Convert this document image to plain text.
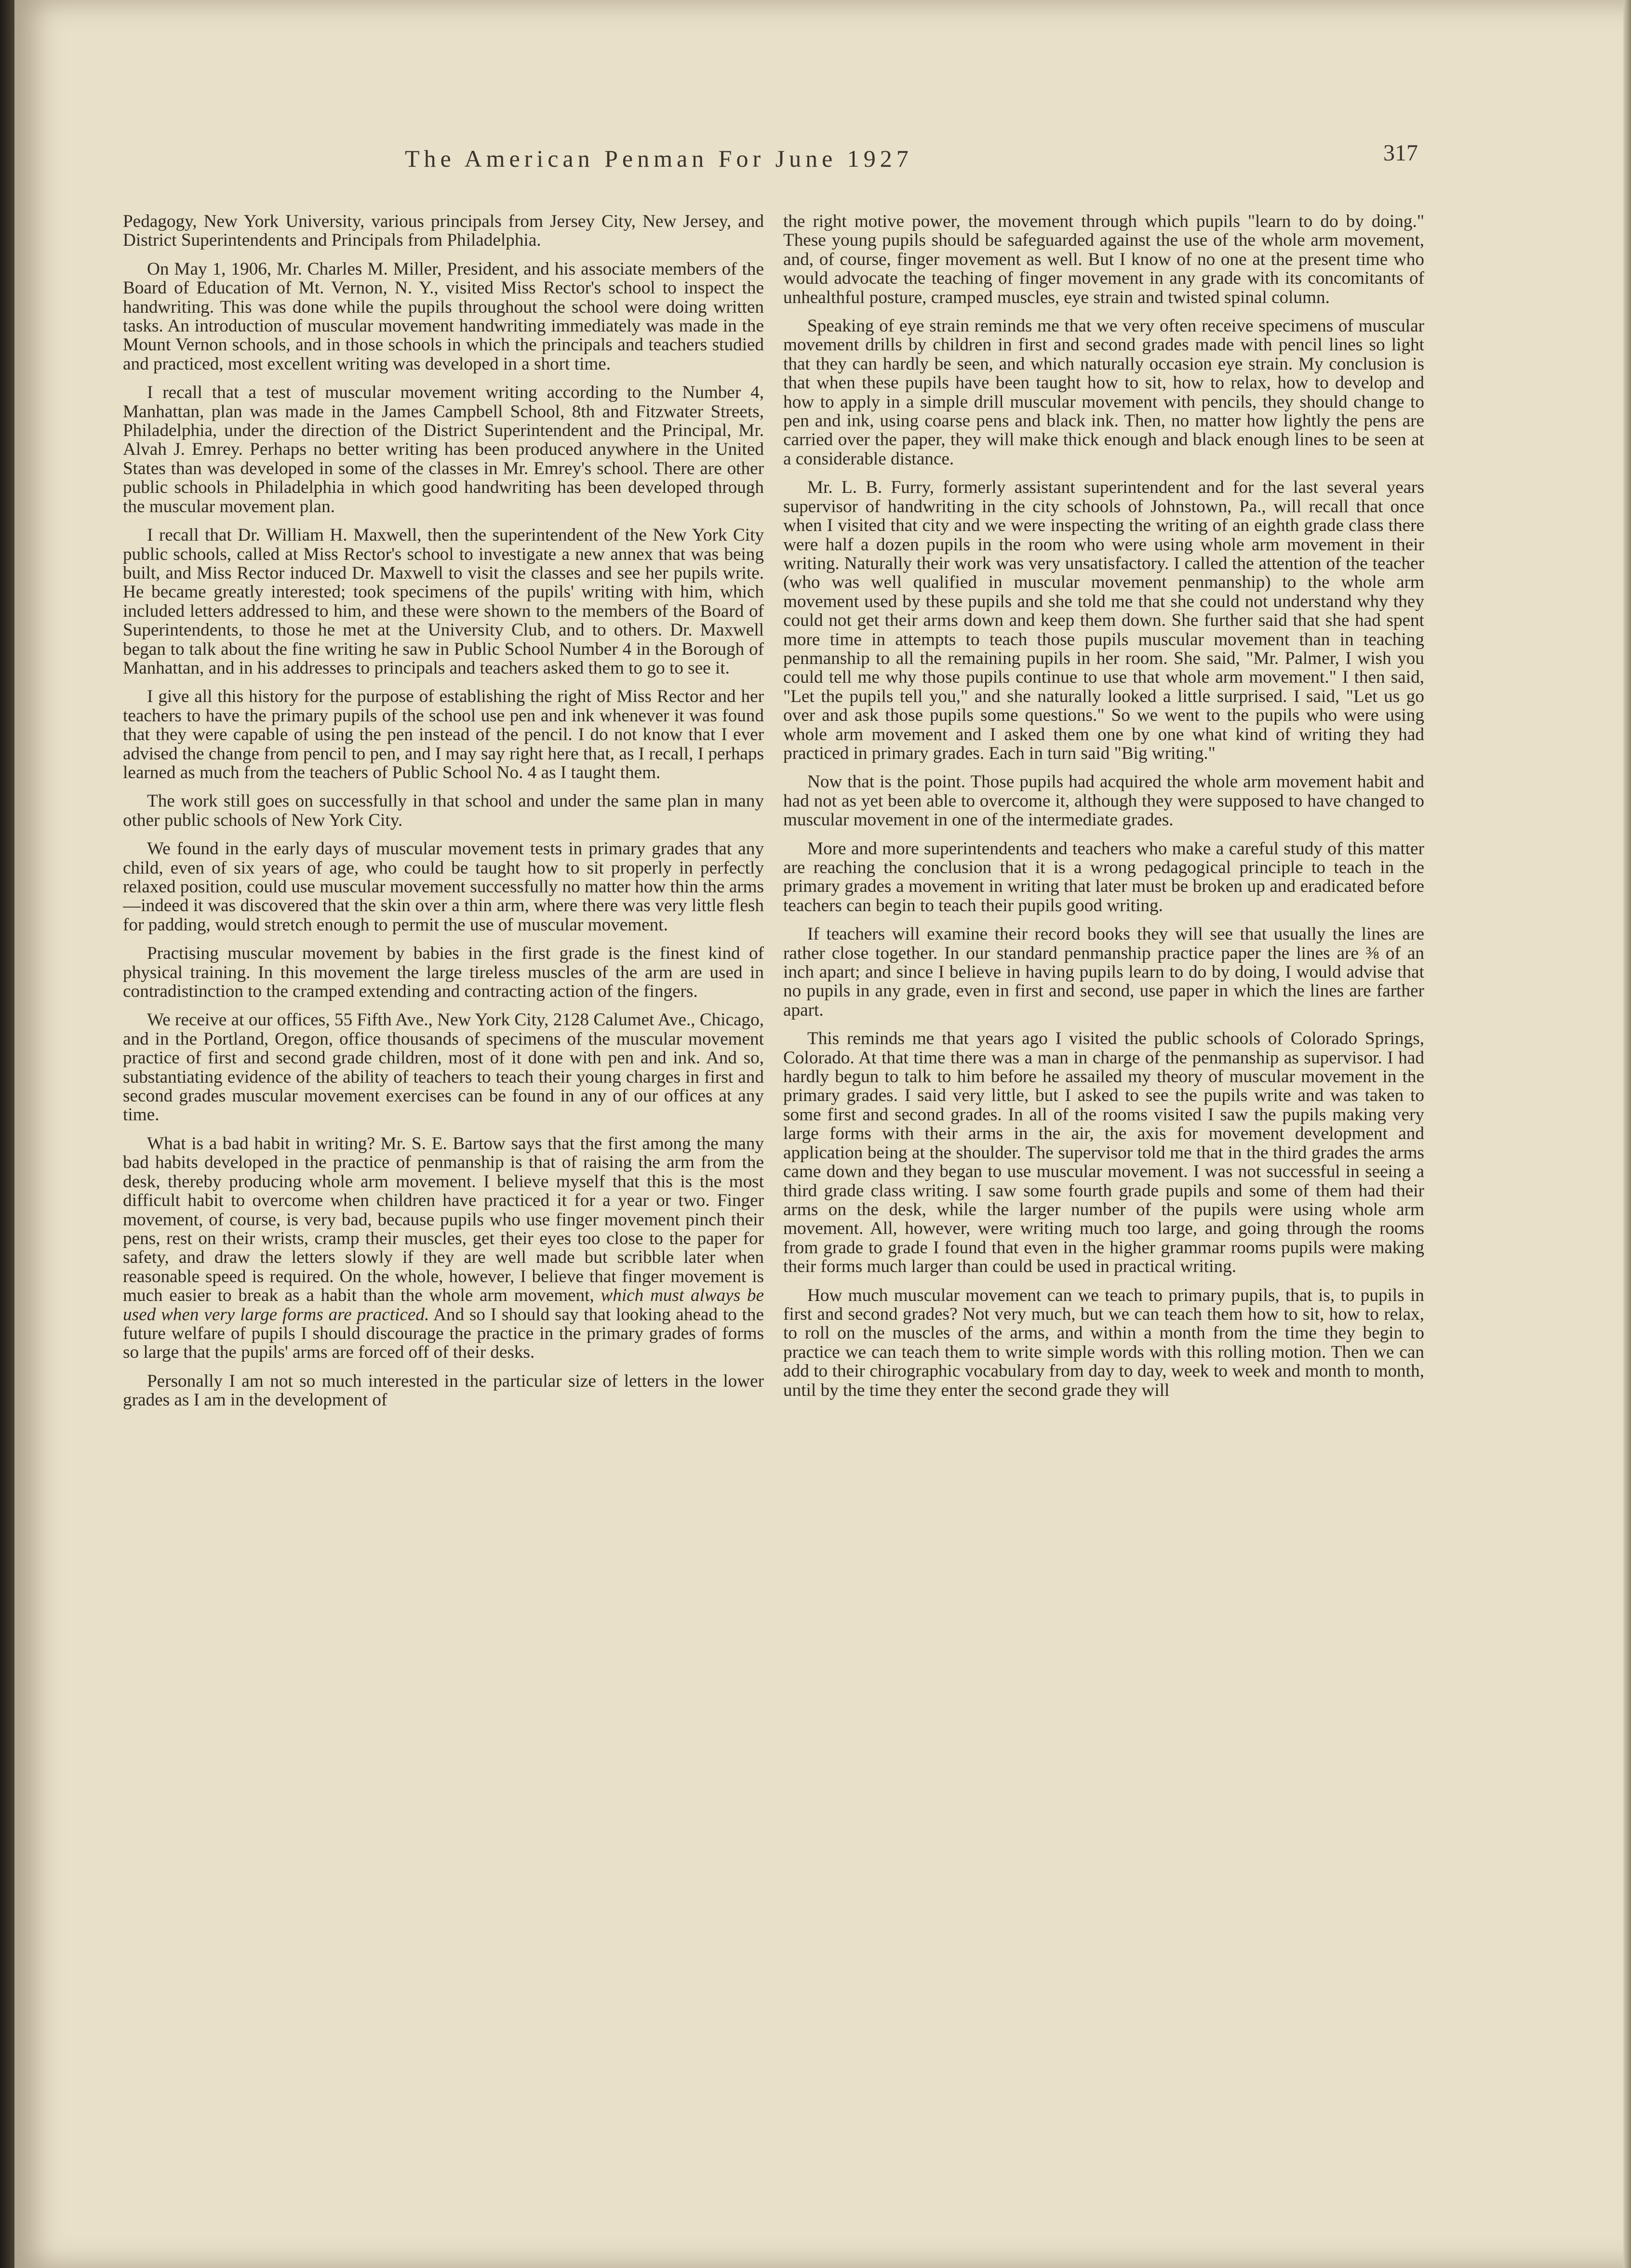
The American Penman For June 1927	317

Pedagogy, New York University, various principals from Jersey City, New Jersey, and District Superintendents and Principals from Philadelphia.

On May 1, 1906, Mr. Charles M. Miller, President, and his associate members of the Board of Education of Mt. Vernon, N. Y., visited Miss Rector's school to inspect the handwriting. This was done while the pupils throughout the school were doing written tasks. An introduction of muscular movement handwriting immediately was made in the Mount Vernon schools, and in those schools in which the principals and teachers studied and practiced, most excellent writing was developed in a short time.

I recall that a test of muscular movement writing according to the Number 4, Manhattan, plan was made in the James Campbell School, 8th and Fitzwater Streets, Philadelphia, under the direction of the District Superintendent and the Principal, Mr. Alvah J. Emrey. Perhaps no better writing has been produced anywhere in the United States than was developed in some of the classes in Mr. Emrey's school. There are other public schools in Philadelphia in which good handwriting has been developed through the muscular movement plan.

I recall that Dr. William H. Maxwell, then the superintendent of the New York City public schools, called at Miss Rector's school to investigate a new annex that was being built, and Miss Rector induced Dr. Maxwell to visit the classes and see her pupils write. He became greatly interested; took specimens of the pupils' writing with him, which included letters addressed to him, and these were shown to the members of the Board of Superintendents, to those he met at the University Club, and to others. Dr. Maxwell began to talk about the fine writing he saw in Public School Number 4 in the Borough of Manhattan, and in his addresses to principals and teachers asked them to go to see it.

I give all this history for the purpose of establishing the right of Miss Rector and her teachers to have the primary pupils of the school use pen and ink whenever it was found that they were capable of using the pen instead of the pencil. I do not know that I ever advised the change from pencil to pen, and I may say right here that, as I recall, I perhaps learned as much from the teachers of Public School No. 4 as I taught them.

The work still goes on successfully in that school and under the same plan in many other public schools of New York City.

We found in the early days of muscular movement tests in primary grades that any child, even of six years of age, who could be taught how to sit properly in perfectly relaxed position, could use muscular movement successfully no matter how thin the arms—indeed it was discovered that the skin over a thin arm, where there was very little flesh for padding, would stretch enough to permit the use of muscular movement.

Practising muscular movement by babies in the first grade is the finest kind of physical training. In this movement the large tireless muscles of the arm are used in contradistinction to the cramped extending and contracting action of the fingers.

We receive at our offices, 55 Fifth Ave., New York City, 2128 Calumet Ave., Chicago, and in the Portland, Oregon, office thousands of specimens of the muscular movement practice of first and second grade children, most of it done with pen and ink. And so, substantiating evidence of the ability of teachers to teach their young charges in first and second grades muscular movement exercises can be found in any of our offices at any time.

What is a bad habit in writing? Mr. S. E. Bartow says that the first among the many bad habits developed in the practice of penmanship is that of raising the arm from the desk, thereby producing whole arm movement. I believe myself that this is the most difficult habit to overcome when children have practiced it for a year or two. Finger movement, of course, is very bad, because pupils who use finger movement pinch their pens, rest on their wrists, cramp their muscles, get their eyes too close to the paper for safety, and draw the letters slowly if they are well made but scribble later when reasonable speed is required. On the whole, however, I believe that finger movement is much easier to break as a habit than the whole arm movement, which must always be used when very large forms are practiced. And so I should say that looking ahead to the future welfare of pupils I should discourage the practice in the primary grades of forms so large that the pupils' arms are forced off of their desks.

Personally I am not so much interested in the particular size of letters in the lower grades as I am in the development of

the right motive power, the movement through which pupils "learn to do by doing." These young pupils should be safeguarded against the use of the whole arm movement, and, of course, finger movement as well. But I know of no one at the present time who would advocate the teaching of finger movement in any grade with its concomitants of unhealthful posture, cramped muscles, eye strain and twisted spinal column.

Speaking of eye strain reminds me that we very often receive specimens of muscular movement drills by children in first and second grades made with pencil lines so light that they can hardly be seen, and which naturally occasion eye strain. My conclusion is that when these pupils have been taught how to sit, how to relax, how to develop and how to apply in a simple drill muscular movement with pencils, they should change to pen and ink, using coarse pens and black ink. Then, no matter how lightly the pens are carried over the paper, they will make thick enough and black enough lines to be seen at a considerable distance.

Mr. L. B. Furry, formerly assistant superintendent and for the last several years supervisor of handwriting in the city schools of Johnstown, Pa., will recall that once when I visited that city and we were inspecting the writing of an eighth grade class there were half a dozen pupils in the room who were using whole arm movement in their writing. Naturally their work was very unsatisfactory. I called the attention of the teacher (who was well qualified in muscular movement penmanship) to the whole arm movement used by these pupils and she told me that she could not understand why they could not get their arms down and keep them down. She further said that she had spent more time in attempts to teach those pupils muscular movement than in teaching penmanship to all the remaining pupils in her room. She said, "Mr. Palmer, I wish you could tell me why those pupils continue to use that whole arm movement." I then said, "Let the pupils tell you," and she naturally looked a little surprised. I said, "Let us go over and ask those pupils some questions." So we went to the pupils who were using whole arm movement and I asked them one by one what kind of writing they had practiced in primary grades. Each in turn said "Big writing."

Now that is the point. Those pupils had acquired the whole arm movement habit and had not as yet been able to overcome it, although they were supposed to have changed to muscular movement in one of the intermediate grades.

More and more superintendents and teachers who make a careful study of this matter are reaching the conclusion that it is a wrong pedagogical principle to teach in the primary grades a movement in writing that later must be broken up and eradicated before teachers can begin to teach their pupils good writing.

If teachers will examine their record books they will see that usually the lines are rather close together. In our standard penmanship practice paper the lines are ⅜ of an inch apart; and since I believe in having pupils learn to do by doing, I would advise that no pupils in any grade, even in first and second, use paper in which the lines are farther apart.

This reminds me that years ago I visited the public schools of Colorado Springs, Colorado. At that time there was a man in charge of the penmanship as supervisor. I had hardly begun to talk to him before he assailed my theory of muscular movement in the primary grades. I said very little, but I asked to see the pupils write and was taken to some first and second grades. In all of the rooms visited I saw the pupils making very large forms with their arms in the air, the axis for movement development and application being at the shoulder. The supervisor told me that in the third grades the arms came down and they began to use muscular movement. I was not successful in seeing a third grade class writing. I saw some fourth grade pupils and some of them had their arms on the desk, while the larger number of the pupils were using whole arm movement. All, however, were writing much too large, and going through the rooms from grade to grade I found that even in the higher grammar rooms pupils were making their forms much larger than could be used in practical writing.

How much muscular movement can we teach to primary pupils, that is, to pupils in first and second grades? Not very much, but we can teach them how to sit, how to relax, to roll on the muscles of the arms, and within a month from the time they begin to practice we can teach them to write simple words with this rolling motion. Then we can add to their chirographic vocabulary from day to day, week to week and month to month, until by the time they enter the second grade they will
